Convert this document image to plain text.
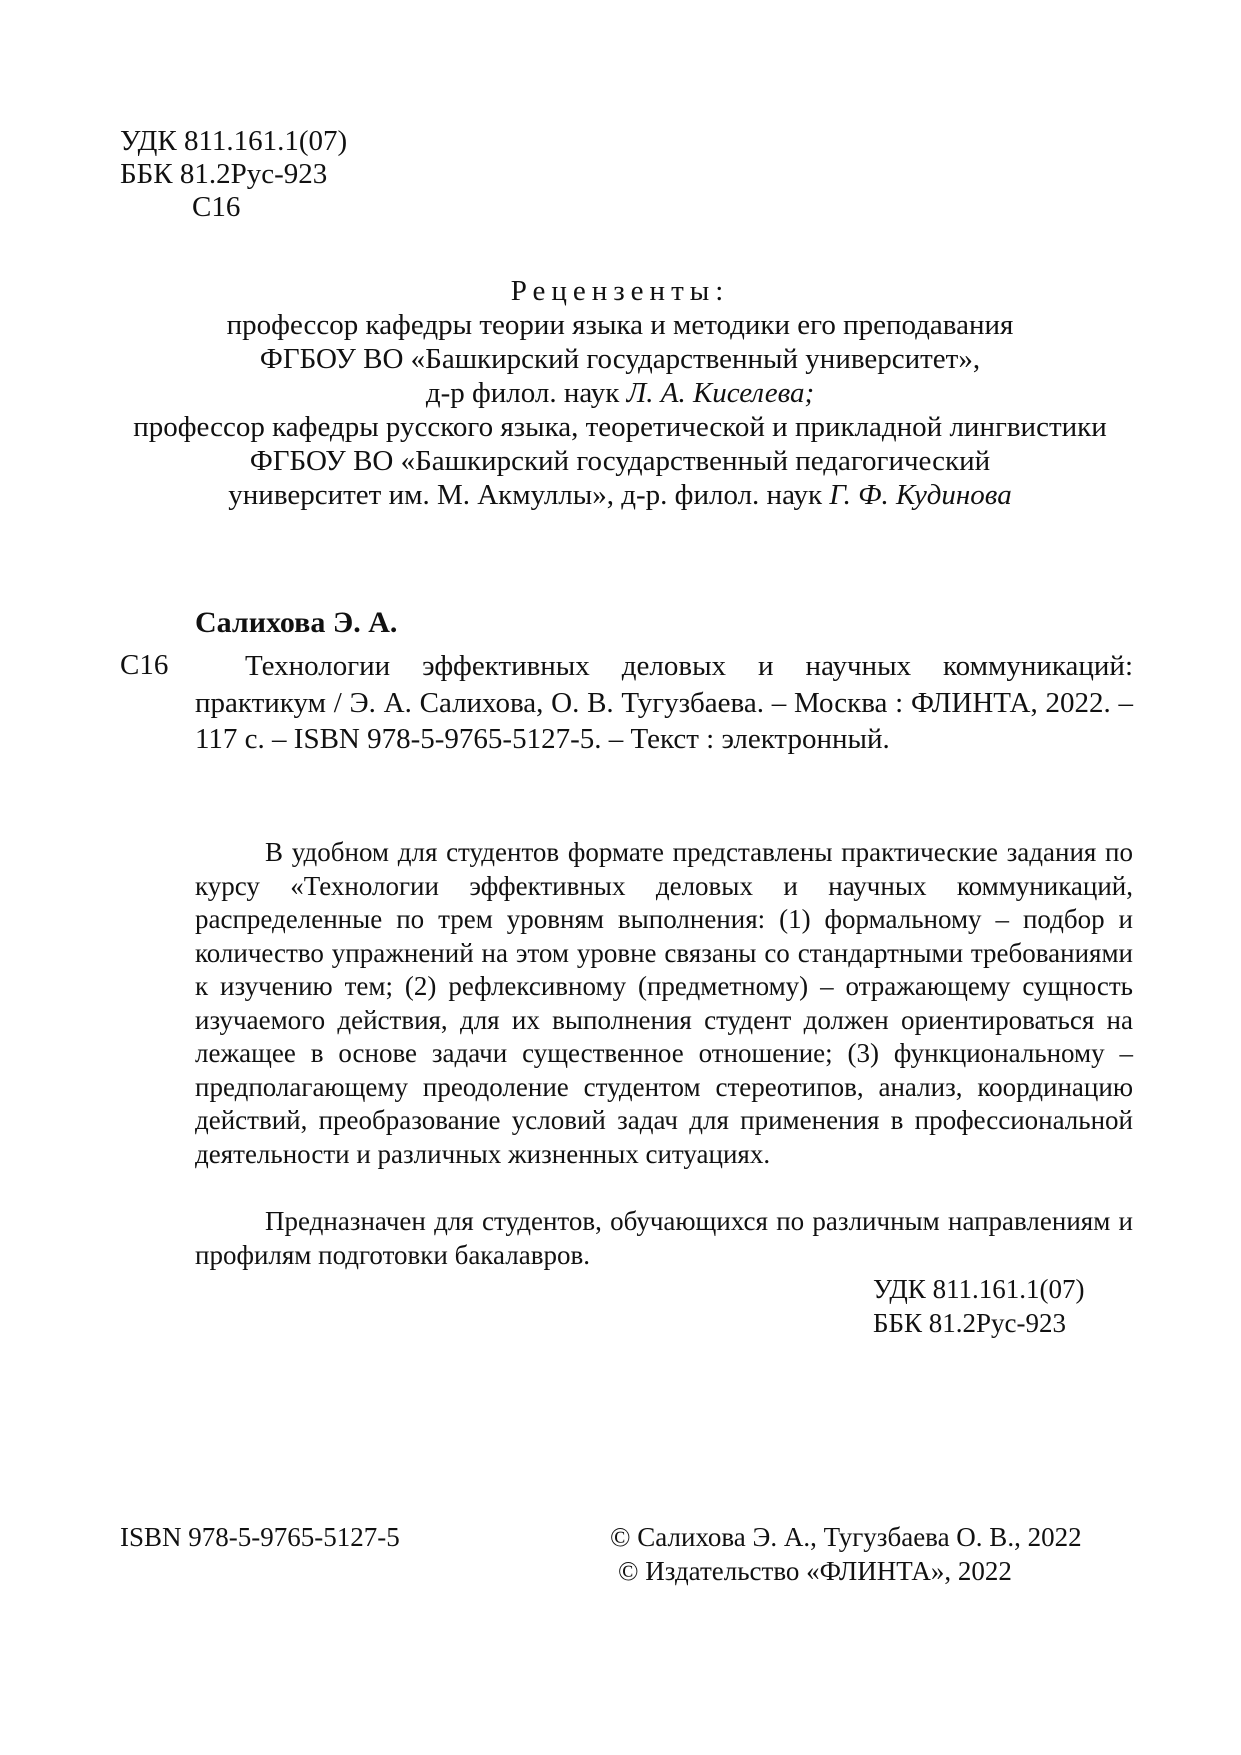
УДК 811.161.1(07)

ББК 81.2Рус-923

С16

Рецензенты:

профессор кафедры теории языка и методики его преподавания

ФГБОУ ВО «Башкирский государственный университет»,

д-р филол. наук Л. А. Киселева;

профессор кафедры русского языка, теоретической и прикладной лингвистики

ФГБОУ ВО «Башкирский государственный педагогический

университет им. М. Акмуллы», д-р. филол. наук Г. Ф. Кудинова

Салихова Э. А.

С16	Технологии эффективных деловых и научных коммуникаций: практикум / Э. А. Салихова, О. В. Тугузбаева. – Москва : ФЛИНТА, 2022. – 117 с. – ISBN 978-5-9765-5127-5. – Текст : электронный.

В удобном для студентов формате представлены практические задания по курсу «Технологии эффективных деловых и научных коммуникаций, распределенные по трем уровням выполнения: (1) формальному – подбор и количество упражнений на этом уровне связаны со стандартными требованиями к изучению тем; (2) рефлексивному (предметному) – отражающему сущность изучаемого действия, для их выполнения студент должен ориентироваться на лежащее в основе задачи существенное отношение; (3) функциональному – предполагающему преодоление студентом стереотипов, анализ, координацию действий, преобразование условий задач для применения в профессиональной деятельности и различных жизненных ситуациях.

Предназначен для студентов, обучающихся по различным направлениям и профилям подготовки бакалавров.

УДК 811.161.1(07)

ББК 81.2Рус-923

ISBN 978-5-9765-5127-5	© Салихова Э. А., Тугузбаева О. В., 2022

© Издательство «ФЛИНТА», 2022
